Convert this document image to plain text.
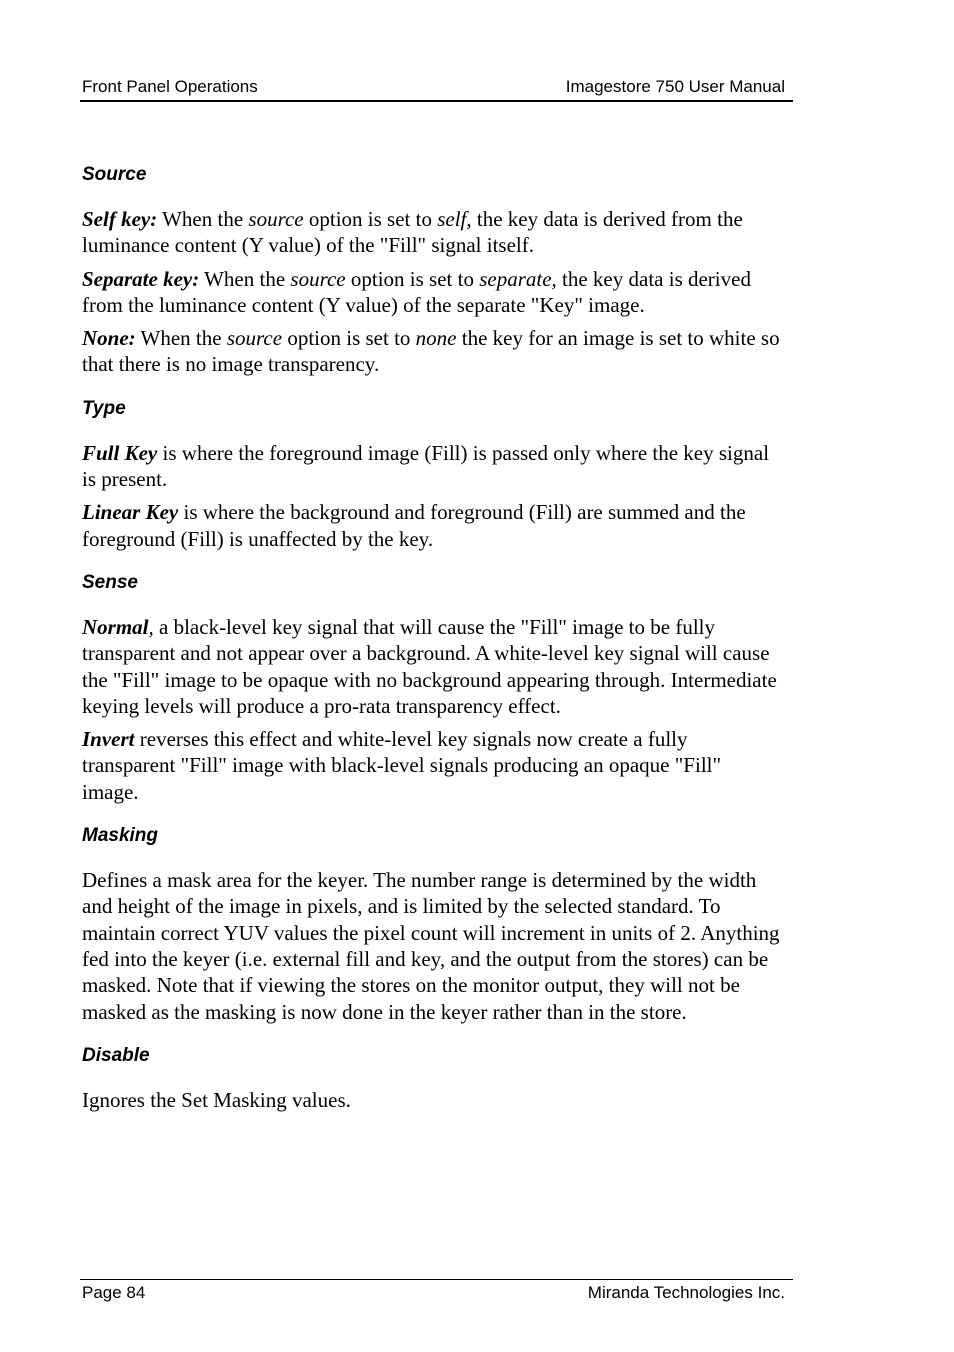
Front Panel Operations	Imagestore 750 User Manual
Source

Self key: When the source option is set to self, the key data is derived from the luminance content (Y value) of the "Fill" signal itself.

Separate key: When the source option is set to separate, the key data is derived from the luminance content (Y value) of the separate "Key" image.

None: When the source option is set to none the key for an image is set to white so that there is no image transparency.

Type

Full Key is where the foreground image (Fill) is passed only where the key signal is present.

Linear Key is where the background and foreground (Fill) are summed and the foreground (Fill) is unaffected by the key.

Sense

Normal, a black-level key signal that will cause the "Fill" image to be fully transparent and not appear over a background. A white-level key signal will cause the "Fill" image to be opaque with no background appearing through. Intermediate keying levels will produce a pro-rata transparency effect.

Invert reverses this effect and white-level key signals now create a fully transparent "Fill" image with black-level signals producing an opaque "Fill" image.

Masking

Defines a mask area for the keyer. The number range is determined by the width and height of the image in pixels, and is limited by the selected standard. To maintain correct YUV values the pixel count will increment in units of 2. Anything fed into the keyer (i.e. external fill and key, and the output from the stores) can be masked. Note that if viewing the stores on the monitor output, they will not be masked as the masking is now done in the keyer rather than in the store.

Disable

Ignores the Set Masking values.

Page 84	Miranda Technologies Inc.
